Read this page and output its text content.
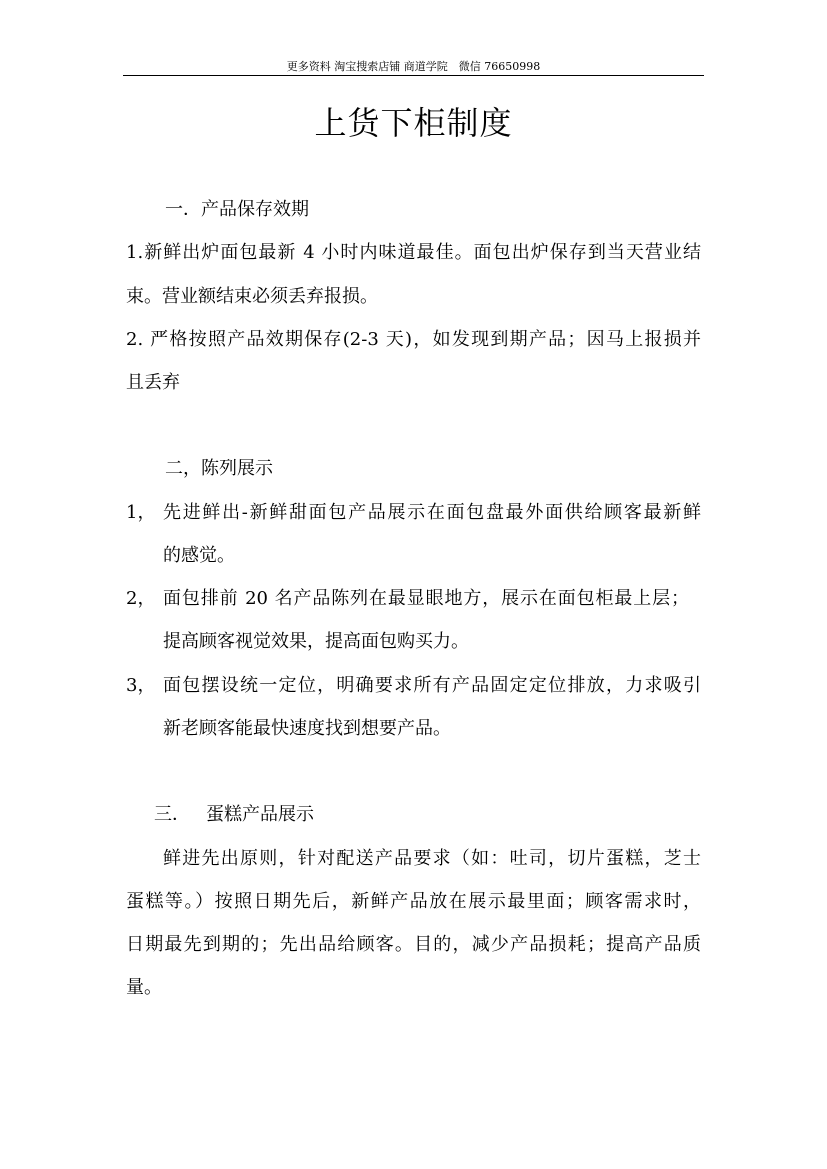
更多资料 淘宝搜索店铺 商道学院　微信 76650998
上货下柜制度
一．产品保存效期
1.新鲜出炉面包最新 4 小时内味道最佳。面包出炉保存到当天营业结
束。营业额结束必须丢弃报损。
2. 严格按照产品效期保存(2-3 天)，如发现到期产品；因马上报损并
且丢弃
二，陈列展示
1， 先进鲜出-新鲜甜面包产品展示在面包盘最外面供给顾客最新鲜
的感觉。
2， 面包排前 20 名产品陈列在最显眼地方，展示在面包柜最上层；
提高顾客视觉效果，提高面包购买力。
3， 面包摆设统一定位，明确要求所有产品固定定位排放，力求吸引
新老顾客能最快速度找到想要产品。
三． 蛋糕产品展示
鲜进先出原则，针对配送产品要求（如：吐司，切片蛋糕，芝士
蛋糕等。）按照日期先后，新鲜产品放在展示最里面；顾客需求时，
日期最先到期的；先出品给顾客。目的，减少产品损耗；提高产品质
量。
